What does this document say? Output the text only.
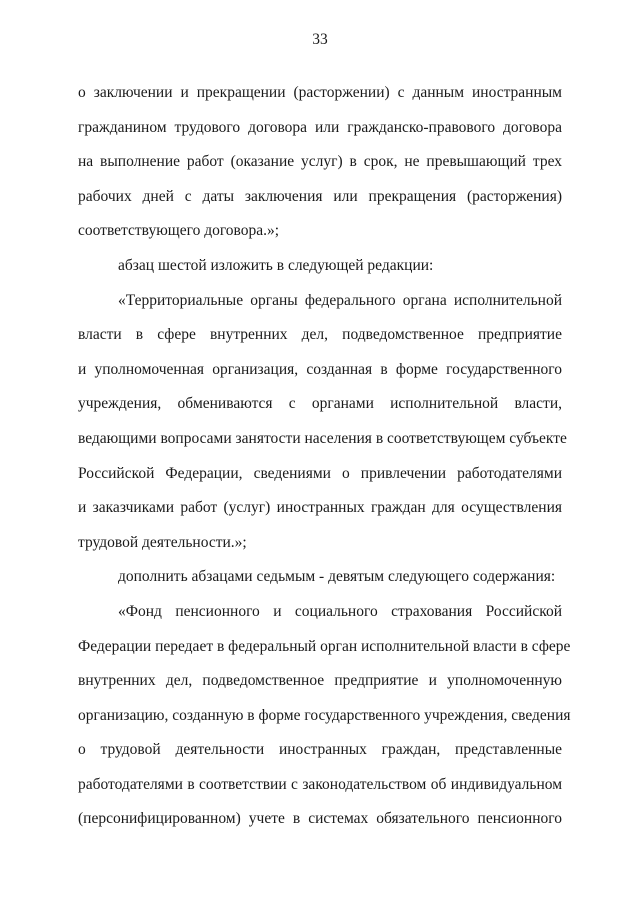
33
о заключении и прекращении (расторжении) с данным иностранным
гражданином трудового договора или гражданско-правового договора
на выполнение работ (оказание услуг) в срок, не превышающий трех
рабочих дней с даты заключения или прекращения (расторжения)
соответствующего договора.»;
абзац шестой изложить в следующей редакции:
«Территориальные органы федерального органа исполнительной
власти в сфере внутренних дел, подведомственное предприятие
и уполномоченная организация, созданная в форме государственного
учреждения, обмениваются с органами исполнительной власти,
ведающими вопросами занятости населения в соответствующем субъекте
Российской Федерации, сведениями о привлечении работодателями
и заказчиками работ (услуг) иностранных граждан для осуществления
трудовой деятельности.»;
дополнить абзацами седьмым - девятым следующего содержания:
«Фонд пенсионного и социального страхования Российской
Федерации передает в федеральный орган исполнительной власти в сфере
внутренних дел, подведомственное предприятие и уполномоченную
организацию, созданную в форме государственного учреждения, сведения
о трудовой деятельности иностранных граждан, представленные
работодателями в соответствии с законодательством об индивидуальном
(персонифицированном) учете в системах обязательного пенсионного
